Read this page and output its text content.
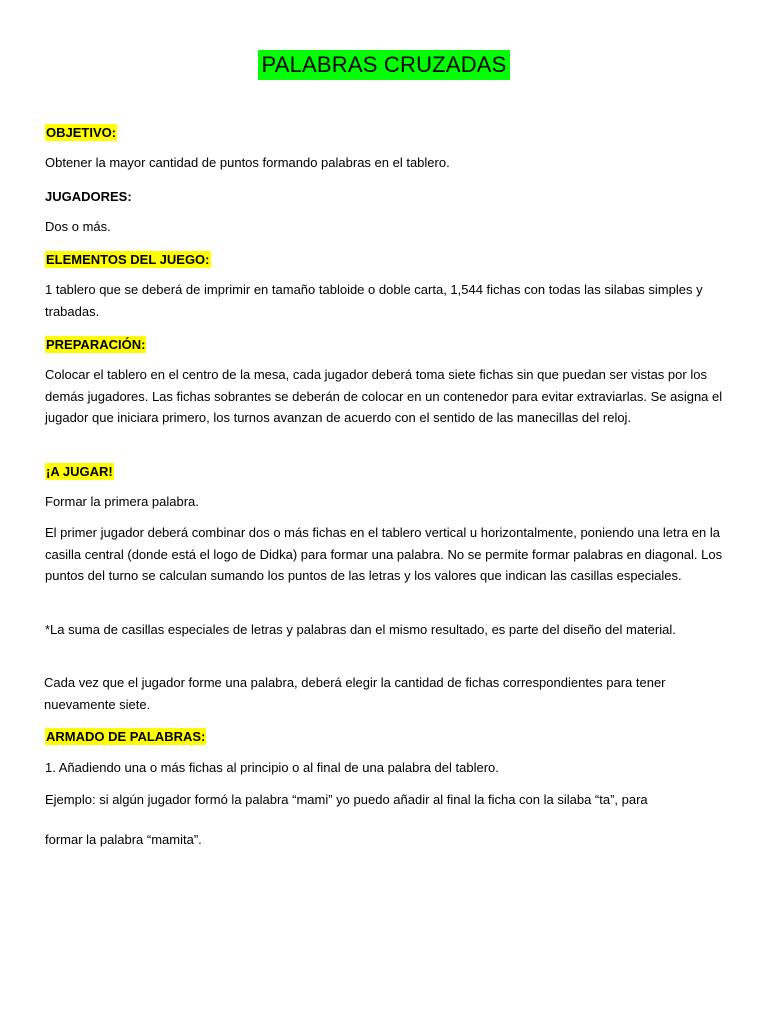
PALABRAS CRUZADAS
OBJETIVO:

Obtener la mayor cantidad de puntos formando palabras en el tablero.

JUGADORES:

Dos o más.

ELEMENTOS DEL JUEGO:

1 tablero que se deberá de imprimir en tamaño tabloide o doble carta, 1,544 fichas con todas las silabas simples y trabadas.

PREPARACIÓN:

Colocar el tablero en el centro de la mesa, cada jugador deberá toma siete fichas sin que puedan ser vistas por los demás jugadores. Las fichas sobrantes se deberán de colocar en un contenedor para evitar extraviarlas. Se asigna el jugador que iniciara primero, los turnos avanzan de acuerdo con el sentido de las manecillas del reloj.

¡A JUGAR!

Formar la primera palabra.

El primer jugador deberá combinar dos o más fichas en el tablero vertical u horizontalmente, poniendo una letra en la casilla central (donde está el logo de Didka) para formar una palabra. No se permite formar palabras en diagonal. Los puntos del turno se calculan sumando los puntos de las letras y los valores que indican las casillas especiales.

*La suma de casillas especiales de letras y palabras dan el mismo resultado, es parte del diseño del material.

Cada vez que el jugador forme una palabra, deberá elegir la cantidad de fichas correspondientes para tener nuevamente siete.

ARMADO DE PALABRAS:

1. Añadiendo una o más fichas al principio o al final de una palabra del tablero.

Ejemplo: si algún jugador formó la palabra “mami” yo puedo añadir al final la ficha con la silaba “ta”, para

formar la palabra “mamita”.
